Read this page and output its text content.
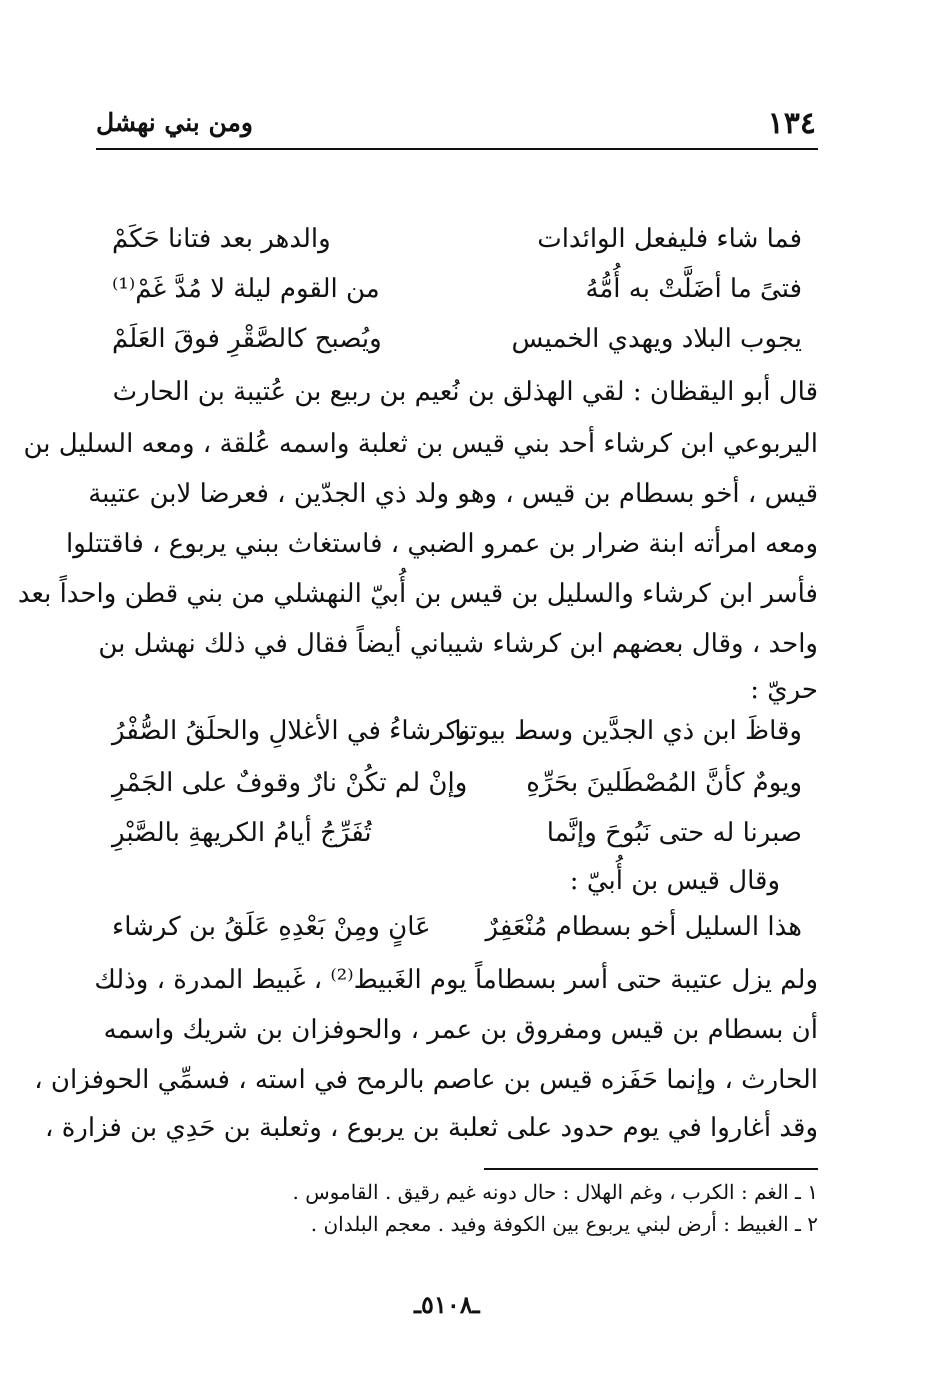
١٣٤
ومن بني نهشل
فما شاء فليفعل الوائدات
والدهر بعد فتانا حَكَمْ
فتىً ما أضَلَّتْ به أُمُّهُ
من القوم ليلة لا مُدَّ غَمْ⁽¹⁾
يجوب البلاد ويهدي الخميس
ويُصبح كالصَّقْرِ فوقَ العَلَمْ
قال أبو اليقظان : لقي الهذلق بن نُعيم بن ربيع بن عُتيبة بن الحارث
اليربوعي ابن كرشاء أحد بني قيس بن ثعلبة واسمه عُلقة ، ومعه السليل بن
قيس ، أخو بسطام بن قيس ، وهو ولد ذي الجدّين ، فعرضا لابن عتيبة
ومعه امرأته ابنة ضرار بن عمرو الضبي ، فاستغاث ببني يربوع ، فاقتتلوا
فأسر ابن كرشاء والسليل بن قيس بن أُبيّ النهشلي من بني قطن واحداً بعد
واحد ، وقال بعضهم ابن كرشاء شيباني أيضاً فقال في ذلك نهشل بن
حريّ :
وقاظَ ابن ذي الجدَّين وسط بيوتنا
وكرشاءُ في الأغلالِ والحلَقُ الصُّفْرُ
ويومٌ كأنَّ المُصْطَلينَ بحَرِّهِ
وإنْ لم تكُنْ نارٌ وقوفٌ على الجَمْرِ
صبرنا له حتى نَبُوحَ وإنَّما
تُفَرِّجُ أيامُ الكريهةِ بالصَّبْرِ
وقال قيس بن أُبيّ :
هذا السليل أخو بسطام مُنْعَفِرٌ
عَانٍ ومِنْ بَعْدِهِ عَلَقُ بن كرشاء
ولم يزل عتيبة حتى أسر بسطاماً يوم الغَبيط⁽²⁾ ، غَبيط المدرة ، وذلك
أن بسطام بن قيس ومفروق بن عمر ، والحوفزان بن شريك واسمه
الحارث ، وإنما حَفَزه قيس بن عاصم بالرمح في استه ، فسمِّي الحوفزان ،
وقد أغاروا في يوم حدود على ثعلبة بن يربوع ، وثعلبة بن حَدِي بن فزارة ،
١ ـ الغم : الكرب ، وغم الهلال : حال دونه غيم رقيق . القاموس .
٢ ـ الغبيط : أرض لبني يربوع بين الكوفة وفيد . معجم البلدان .
ـ٥١٠٨ـ
